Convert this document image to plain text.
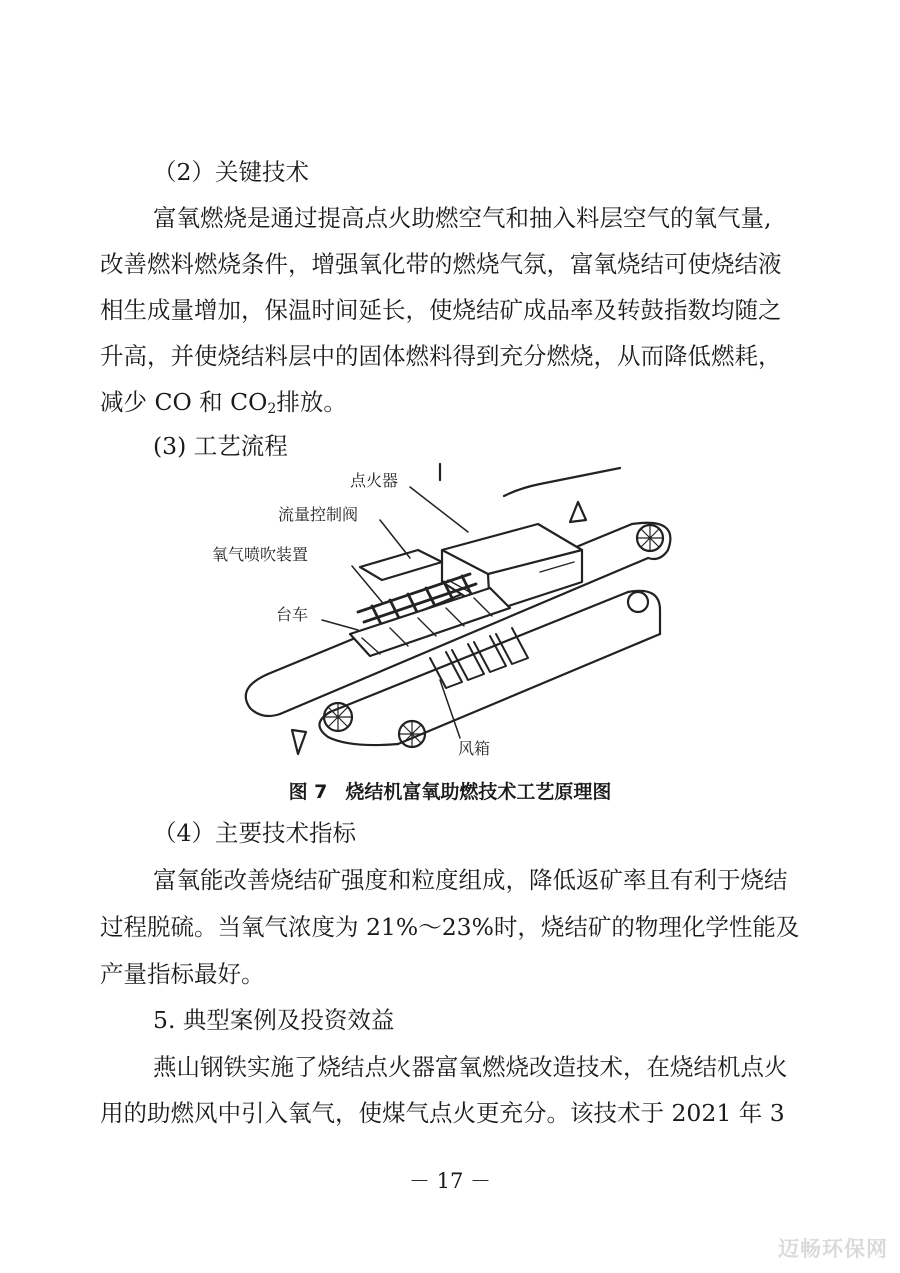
（2）关键技术
富氧燃烧是通过提高点火助燃空气和抽入料层空气的氧气量,
改善燃料燃烧条件，增强氧化带的燃烧气氛，富氧烧结可使烧结液
相生成量增加，保温时间延长，使烧结矿成品率及转鼓指数均随之
升高，并使烧结料层中的固体燃料得到充分燃烧，从而降低燃耗，
减少 CO 和 $CO_2$排放。
(3) 工艺流程
点火器
流量控制阀
氧气喷吹装置
台车
风箱
图 7 烧结机富氧助燃技术工艺原理图
（4）主要技术指标
富氧能改善烧结矿强度和粒度组成，降低返矿率且有利于烧结
过程脱硫。当氧气浓度为 21%～23%时，烧结矿的物理化学性能及
产量指标最好。
5. 典型案例及投资效益
燕山钢铁实施了烧结点火器富氧燃烧改造技术，在烧结机点火
用的助燃风中引入氧气，使煤气点火更充分。该技术于 2021 年 3
－ 17 －
迈畅环保网
